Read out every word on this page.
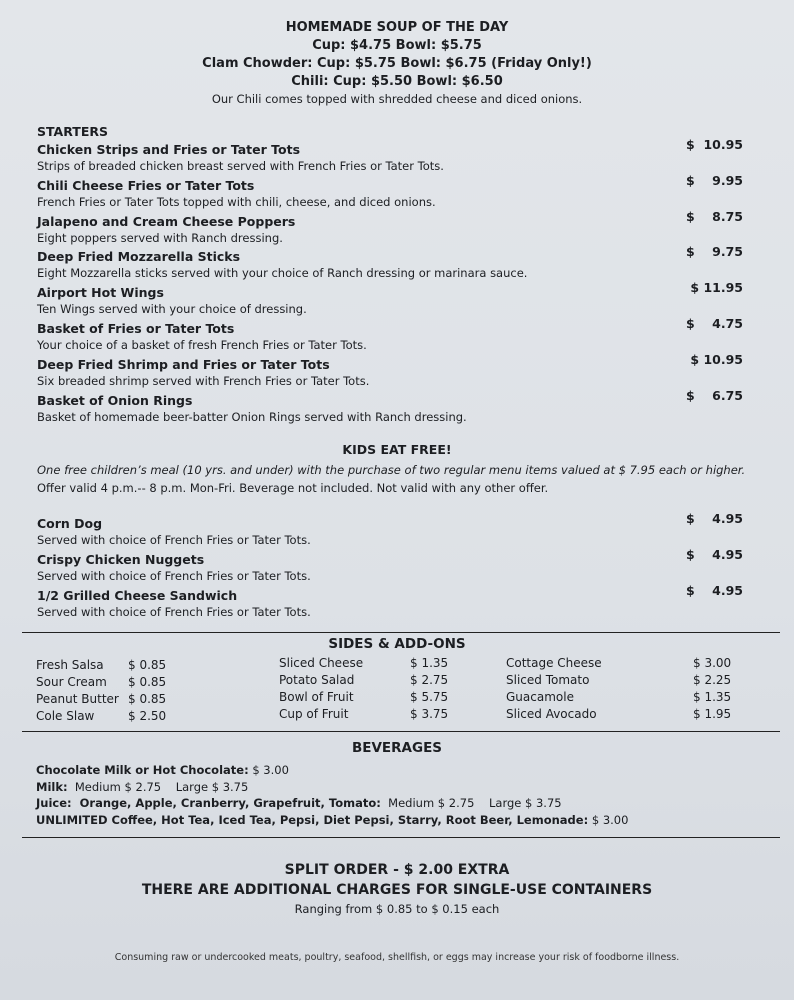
HOMEMADE SOUP OF THE DAY
Cup: $4.75 Bowl: $5.75
Clam Chowder: Cup: $5.75 Bowl: $6.75 (Friday Only!)
Chili: Cup: $5.50 Bowl: $6.50
Our Chili comes topped with shredded cheese and diced onions.
STARTERS
Chicken Strips and Fries or Tater Tots
Strips of breaded chicken breast served with French Fries or Tater Tots.
$  10.95
Chili Cheese Fries or Tater Tots
French Fries or Tater Tots topped with chili, cheese, and diced onions.
$    9.95
Jalapeno and Cream Cheese Poppers
Eight poppers served with Ranch dressing.
$    8.75
Deep Fried Mozzarella Sticks
Eight Mozzarella sticks served with your choice of Ranch dressing or marinara sauce.
$    9.75
Airport Hot Wings
Ten Wings served with your choice of dressing.
$ 11.95
Basket of Fries or Tater Tots
Your choice of a basket of fresh French Fries or Tater Tots.
$    4.75
Deep Fried Shrimp and Fries or Tater Tots
Six breaded shrimp served with French Fries or Tater Tots.
$ 10.95
Basket of Onion Rings
Basket of homemade beer-batter Onion Rings served with Ranch dressing.
$    6.75
KIDS EAT FREE!
One free children’s meal (10 yrs. and under) with the purchase of two regular menu items valued at $ 7.95 each or higher.
Offer valid 4 p.m.-- 8 p.m. Mon-Fri. Beverage not included. Not valid with any other offer.
Corn Dog
Served with choice of French Fries or Tater Tots.
$    4.95
Crispy Chicken Nuggets
Served with choice of French Fries or Tater Tots.
$    4.95
1/2 Grilled Cheese Sandwich
Served with choice of French Fries or Tater Tots.
$    4.95
SIDES & ADD-ONS
Fresh Salsa $ 0.85	Sliced Cheese	$ 1.35	Cottage Cheese	$ 3.00
Sour Cream $ 0.85	Potato Salad	$ 2.75	Sliced Tomato	$ 2.25
Peanut Butter $ 0.85	Bowl of Fruit	$ 5.75	Guacamole	$ 1.35
Cole Slaw	$ 2.50	Cup of Fruit	$ 3.75	Sliced Avocado	$ 1.95
BEVERAGES
Chocolate Milk or Hot Chocolate: $ 3.00
Milk:  Medium $ 2.75    Large $ 3.75
Juice:  Orange, Apple, Cranberry, Grapefruit, Tomato:  Medium $ 2.75    Large $ 3.75
UNLIMITED Coffee, Hot Tea, Iced Tea, Pepsi, Diet Pepsi, Starry, Root Beer, Lemonade: $ 3.00
SPLIT ORDER - $ 2.00 EXTRA
THERE ARE ADDITIONAL CHARGES FOR SINGLE-USE CONTAINERS
Ranging from $ 0.85 to $ 0.15 each
Consuming raw or undercooked meats, poultry, seafood, shellfish, or eggs may increase your risk of foodborne illness.
